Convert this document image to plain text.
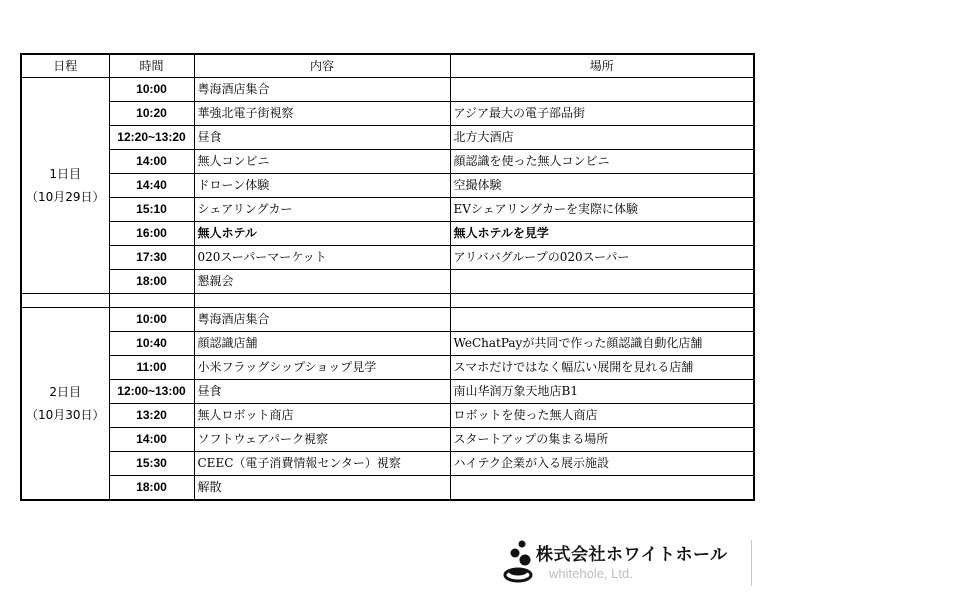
日程	時間	内容	場所

1日目
（10月29日）	10:00	粤海酒店集合	
	10:20	華強北電子街視察	アジア最大の電子部品街
	12:20~13:20	昼食	北方大酒店
	14:00	無人コンビニ	顔認識を使った無人コンビニ
	14:40	ドローン体験	空撮体験
	15:10	シェアリングカー	EVシェアリングカーを実際に体験
	16:00	無人ホテル	無人ホテルを見学
	17:30	020スーパーマーケット	アリババグループの020スーパー
	18:00	懇親会	

2日目
（10月30日）	10:00	粤海酒店集合	
	10:40	顔認識店舗	WeChatPayが共同で作った顔認識自動化店舗
	11:00	小米フラッグシップショップ見学	スマホだけではなく幅広い展開を見れる店舗
	12:00~13:00	昼食	南山华润万象天地店B1
	13:20	無人ロボット商店	ロボットを使った無人商店
	14:00	ソフトウェアパーク視察	スタートアップの集まる場所
	15:30	CEEC（電子消費情報センター）視察	ハイテク企業が入る展示施設
	18:00	解散	
株式会社ホワイトホール
whitehole, Ltd.
